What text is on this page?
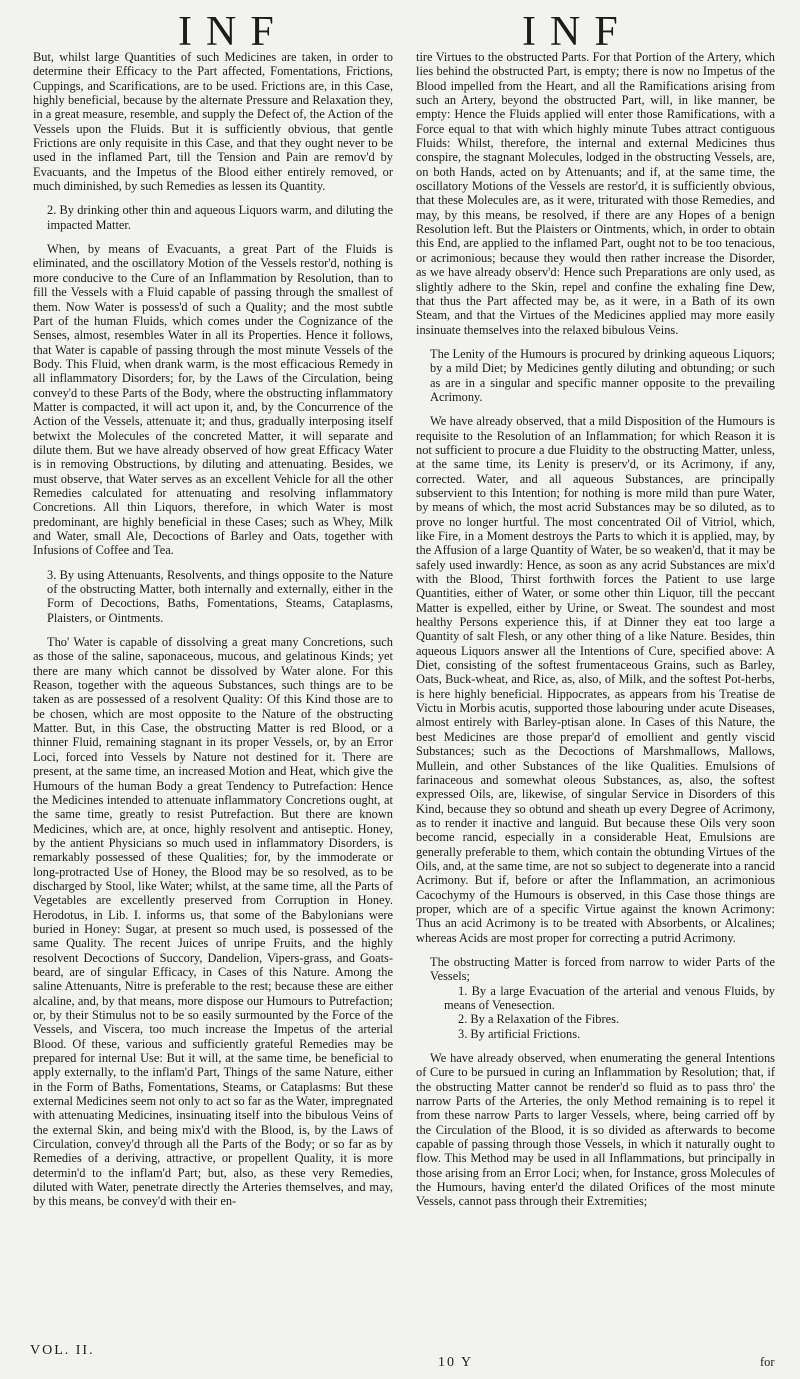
INF	INF

But, whilst large Quantities of such Medicines are taken, in order to determine their Efficacy to the Part affected, Fomentations, Frictions, Cuppings, and Scarifications, are to be used. Frictions are, in this Case, highly beneficial, because by the alternate Pressure and Relaxation they, in a great measure, resemble, and supply the Defect of, the Action of the Vessels upon the Fluids. But it is sufficiently obvious, that gentle Frictions are only requisite in this Case, and that they ought never to be used in the inflamed Part, till the Tension and Pain are remov'd by Evacuants, and the Impetus of the Blood either entirely removed, or much diminished, by such Remedies as lessen its Quantity.

2. By drinking other thin and aqueous Liquors warm, and diluting the impacted Matter.

When, by means of Evacuants, a great Part of the Fluids is eliminated, and the oscillatory Motion of the Vessels restor'd, nothing is more conducive to the Cure of an Inflammation by Resolution, than to fill the Vessels with a Fluid capable of passing through the smallest of them. Now Water is possess'd of such a Quality; and the most subtle Part of the human Fluids, which comes under the Cognizance of the Senses, almost, resembles Water in all its Properties. Hence it follows, that Water is capable of passing through the most minute Vessels of the Body. This Fluid, when drank warm, is the most efficacious Remedy in all inflammatory Disorders; for, by the Laws of the Circulation, being convey'd to these Parts of the Body, where the obstructing inflammatory Matter is compacted, it will act upon it, and, by the Concurrence of the Action of the Vessels, attenuate it; and thus, gradually interposing itself betwixt the Molecules of the concreted Matter, it will separate and dilute them. But we have already observed of how great Efficacy Water is in removing Obstructions, by diluting and attenuating. Besides, we must observe, that Water serves as an excellent Vehicle for all the other Remedies calculated for attenuating and resolving inflammatory Concretions. All thin Liquors, therefore, in which Water is most predominant, are highly beneficial in these Cases; such as Whey, Milk and Water, small Ale, Decoctions of Barley and Oats, together with Infusions of Coffee and Tea.

3. By using Attenuants, Resolvents, and things opposite to the Nature of the obstructing Matter, both internally and externally, either in the Form of Decoctions, Baths, Fomentations, Steams, Cataplasms, Plaisters, or Ointments.

Tho' Water is capable of dissolving a great many Concretions, such as those of the saline, saponaceous, mucous, and gelatinous Kinds; yet there are many which cannot be dissolved by Water alone. For this Reason, together with the aqueous Substances, such things are to be taken as are possessed of a resolvent Quality: Of this Kind those are to be chosen, which are most opposite to the Nature of the obstructing Matter. But, in this Case, the obstructing Matter is red Blood, or a thinner Fluid, remaining stagnant in its proper Vessels, or, by an Error Loci, forced into Vessels by Nature not destined for it. There are present, at the same time, an increased Motion and Heat, which give the Humours of the human Body a great Tendency to Putrefaction: Hence the Medicines intended to attenuate inflammatory Concretions ought, at the same time, greatly to resist Putrefaction. But there are known Medicines, which are, at once, highly resolvent and antiseptic. Honey, by the antient Physicians so much used in inflammatory Disorders, is remarkably possessed of these Qualities; for, by the immoderate or long-protracted Use of Honey, the Blood may be so resolved, as to be discharged by Stool, like Water; whilst, at the same time, all the Parts of Vegetables are excellently preserved from Corruption in Honey. Herodotus, in Lib. I. informs us, that some of the Babylonians were buried in Honey: Sugar, at present so much used, is possessed of the same Quality. The recent Juices of unripe Fruits, and the highly resolvent Decoctions of Succory, Dandelion, Vipers-grass, and Goats-beard, are of singular Efficacy, in Cases of this Nature. Among the saline Attenuants, Nitre is preferable to the rest; because these are either alcaline, and, by that means, more dispose our Humours to Putrefaction; or, by their Stimulus not to be so easily surmounted by the Force of the Vessels, and Viscera, too much increase the Impetus of the arterial Blood. Of these, various and sufficiently grateful Remedies may be prepared for internal Use: But it will, at the same time, be beneficial to apply externally, to the inflam'd Part, Things of the same Nature, either in the Form of Baths, Fomentations, Steams, or Cataplasms: But these external Medicines seem not only to act so far as the Water, impregnated with attenuating Medicines, insinuating itself into the bibulous Veins of the external Skin, and being mix'd with the Blood, is, by the Laws of Circulation, convey'd through all the Parts of the Body; or so far as by Remedies of a deriving, attractive, or propellent Quality, it is more determin'd to the inflam'd Part; but, also, as these very Remedies, diluted with Water, penetrate directly the Arteries themselves, and may, by this means, be convey'd with their en-

tire Virtues to the obstructed Parts. For that Portion of the Artery, which lies behind the obstructed Part, is empty; there is now no Impetus of the Blood impelled from the Heart, and all the Ramifications arising from such an Artery, beyond the obstructed Part, will, in like manner, be empty: Hence the Fluids applied will enter those Ramifications, with a Force equal to that with which highly minute Tubes attract contiguous Fluids: Whilst, therefore, the internal and external Medicines thus conspire, the stagnant Molecules, lodged in the obstructing Vessels, are, on both Hands, acted on by Attenuants; and if, at the same time, the oscillatory Motions of the Vessels are restor'd, it is sufficiently obvious, that these Molecules are, as it were, triturated with those Remedies, and may, by this means, be resolved, if there are any Hopes of a benign Resolution left. But the Plaisters or Ointments, which, in order to obtain this End, are applied to the inflamed Part, ought not to be too tenacious, or acrimonious; because they would then rather increase the Disorder, as we have already observ'd: Hence such Preparations are only used, as slightly adhere to the Skin, repel and confine the exhaling fine Dew, that thus the Part affected may be, as it were, in a Bath of its own Steam, and that the Virtues of the Medicines applied may more easily insinuate themselves into the relaxed bibulous Veins.

The Lenity of the Humours is procured by drinking aqueous Liquors; by a mild Diet; by Medicines gently diluting and obtunding; or such as are in a singular and specific manner opposite to the prevailing Acrimony.

We have already observed, that a mild Disposition of the Humours is requisite to the Resolution of an Inflammation; for which Reason it is not sufficient to procure a due Fluidity to the obstructing Matter, unless, at the same time, its Lenity is preserv'd, or its Acrimony, if any, corrected. Water, and all aqueous Substances, are principally subservient to this Intention; for nothing is more mild than pure Water, by means of which, the most acrid Substances may be so diluted, as to prove no longer hurtful. The most concentrated Oil of Vitriol, which, like Fire, in a Moment destroys the Parts to which it is applied, may, by the Affusion of a large Quantity of Water, be so weaken'd, that it may be safely used inwardly: Hence, as soon as any acrid Substances are mix'd with the Blood, Thirst forthwith forces the Patient to use large Quantities, either of Water, or some other thin Liquor, till the peccant Matter is expelled, either by Urine, or Sweat. The soundest and most healthy Persons experience this, if at Dinner they eat too large a Quantity of salt Flesh, or any other thing of a like Nature. Besides, thin aqueous Liquors answer all the Intentions of Cure, specified above: A Diet, consisting of the softest frumentaceous Grains, such as Barley, Oats, Buck-wheat, and Rice, as, also, of Milk, and the softest Pot-herbs, is here highly beneficial. Hippocrates, as appears from his Treatise de Victu in Morbis acutis, supported those labouring under acute Diseases, almost entirely with Barley-ptisan alone. In Cases of this Nature, the best Medicines are those prepar'd of emollient and gently viscid Substances; such as the Decoctions of Marshmallows, Mallows, Mullein, and other Substances of the like Qualities. Emulsions of farinaceous and somewhat oleous Substances, as, also, the softest expressed Oils, are, likewise, of singular Service in Disorders of this Kind, because they so obtund and sheath up every Degree of Acrimony, as to render it inactive and languid. But because these Oils very soon become rancid, especially in a considerable Heat, Emulsions are generally preferable to them, which contain the obtunding Virtues of the Oils, and, at the same time, are not so subject to degenerate into a rancid Acrimony. But if, before or after the Inflammation, an acrimonious Cacochymy of the Humours is observed, in this Case those things are proper, which are of a specific Virtue against the known Acrimony: Thus an acid Acrimony is to be treated with Absorbents, or Alcalines; whereas Acids are most proper for correcting a putrid Acrimony.

The obstructing Matter is forced from narrow to wider Parts of the Vessels;

1. By a large Evacuation of the arterial and venous Fluids, by means of Venesection.

2. By a Relaxation of the Fibres.

3. By artificial Frictions.

We have already observed, when enumerating the general Intentions of Cure to be pursued in curing an Inflammation by Resolution; that, if the obstructing Matter cannot be render'd so fluid as to pass thro' the narrow Parts of the Arteries, the only Method remaining is to repel it from these narrow Parts to larger Vessels, where, being carried off by the Circulation of the Blood, it is so divided as afterwards to become capable of passing through those Vessels, in which it naturally ought to flow. This Method may be used in all Inflammations, but principally in those arising from an Error Loci; when, for Instance, gross Molecules of the Humours, having enter'd the dilated Orifices of the most minute Vessels, cannot pass through their Extremities;

VOL. II.
10 Y	for
